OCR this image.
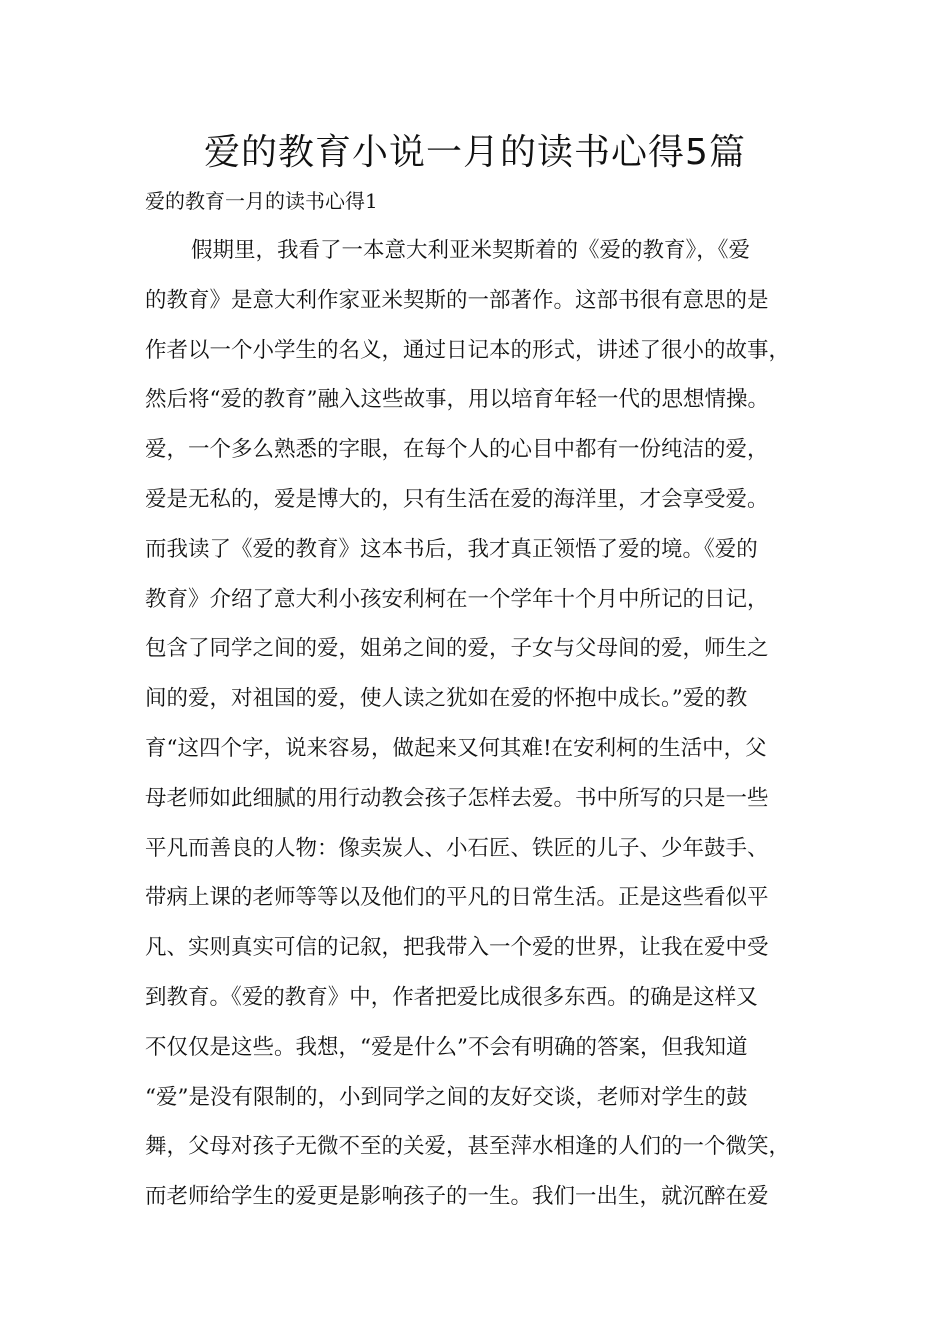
爱的教育小说一月的读书心得5篇
爱的教育一月的读书心得1
假期里，我看了一本意大利亚米契斯着的《爱的教育》，《爱
的教育》是意大利作家亚米契斯的一部著作。这部书很有意思的是
作者以一个小学生的名义，通过日记本的形式，讲述了很小的故事，
然后将“爱的教育”融入这些故事，用以培育年轻一代的思想情操。
爱，一个多么熟悉的字眼，在每个人的心目中都有一份纯洁的爱，
爱是无私的，爱是博大的，只有生活在爱的海洋里，才会享受爱。
而我读了《爱的教育》这本书后，我才真正领悟了爱的境。《爱的
教育》介绍了意大利小孩安利柯在一个学年十个月中所记的日记，
包含了同学之间的爱，姐弟之间的爱，子女与父母间的爱，师生之
间的爱，对祖国的爱，使人读之犹如在爱的怀抱中成长。”爱的教
育“这四个字，说来容易，做起来又何其难!在安利柯的生活中，父
母老师如此细腻的用行动教会孩子怎样去爱。书中所写的只是一些
平凡而善良的人物：像卖炭人、小石匠、铁匠的儿子、少年鼓手、
带病上课的老师等等以及他们的平凡的日常生活。正是这些看似平
凡、实则真实可信的记叙，把我带入一个爱的世界，让我在爱中受
到教育。《爱的教育》中，作者把爱比成很多东西。的确是这样又
不仅仅是这些。我想，“爱是什么”不会有明确的答案，但我知道
“爱”是没有限制的，小到同学之间的友好交谈，老师对学生的鼓
舞，父母对孩子无微不至的关爱，甚至萍水相逢的人们的一个微笑，
而老师给学生的爱更是影响孩子的一生。我们一出生，就沉醉在爱
